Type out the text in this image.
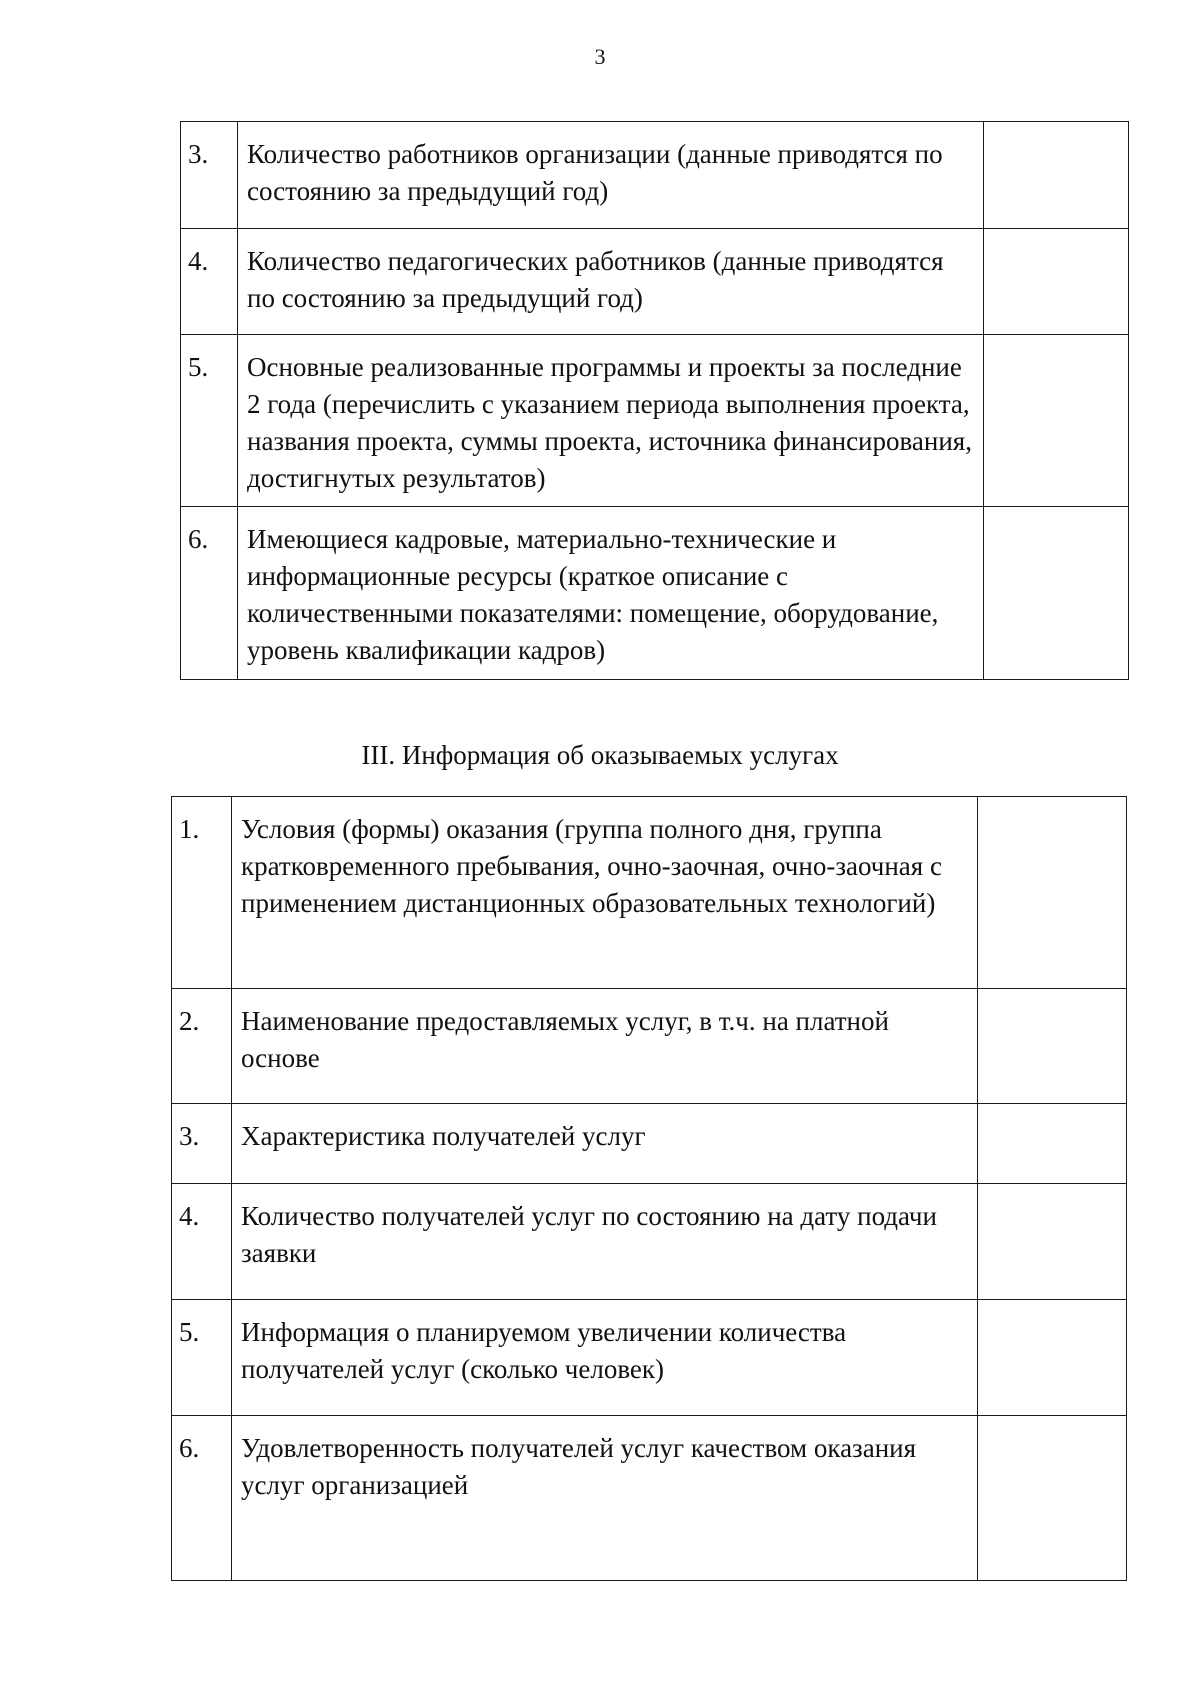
3
3.	Количество работников организации (данные приводятся по состоянию за предыдущий год)	
4.	Количество педагогических работников (данные приводятся по состоянию за предыдущий год)	
5.	Основные реализованные программы и проекты за последние 2 года (перечислить с указанием периода выполнения проекта, названия проекта, суммы проекта, источника финансирования, достигнутых результатов)	
6.	Имеющиеся кадровые, материально-технические и информационные ресурсы (краткое описание с количественными показателями: помещение, оборудование, уровень квалификации кадров)	
III. Информация об оказываемых услугах
1.	Условия (формы) оказания (группа полного дня, группа кратковременного пребывания, очно-заочная, очно-заочная с применением дистанционных образовательных технологий)	
2.	Наименование предоставляемых услуг, в т.ч. на платной основе	
3.	Характеристика получателей услуг	
4.	Количество получателей услуг по состоянию на дату подачи заявки	
5.	Информация о планируемом увеличении количества получателей услуг (сколько человек)	
6.	Удовлетворенность получателей услуг качеством оказания услуг организацией	
